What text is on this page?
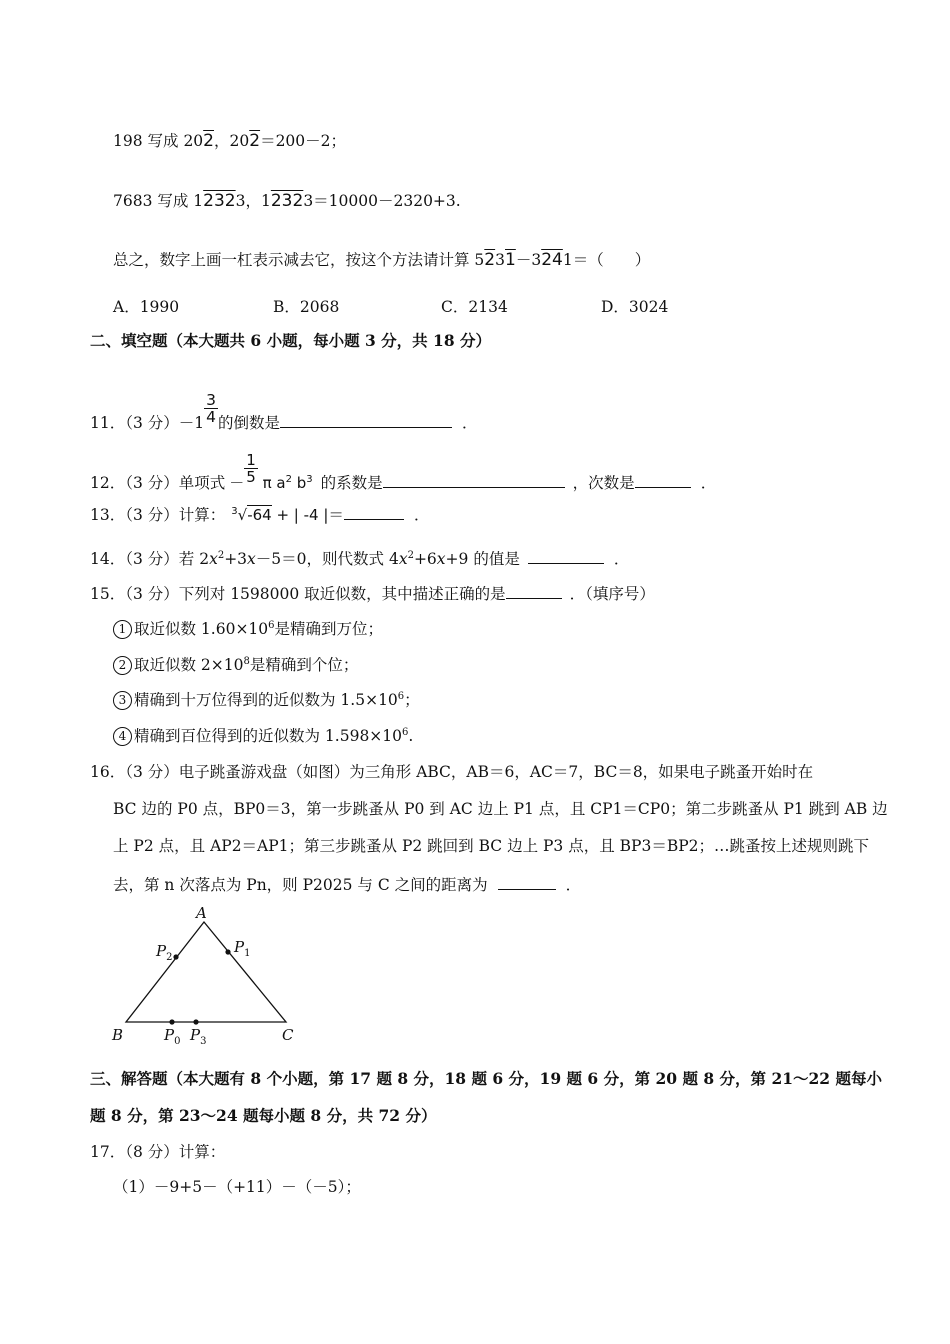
198 写成 202，202＝200－2；
7683 写成 12323，12323＝10000－2320+3.
总之，数字上画一杠表示减去它，按这个方法请计算 5231－3241＝（　　）
A．1990	B．2068	C．2134	D．3024
二、填空题（本大题共 6 小题，每小题 3 分，共 18 分）
11．（3 分）$-1 \frac{3}{4}$ 的倒数是	．
12．（3 分）单项式 － $\frac{1}{5}$ π $a^2$ $b^3$ 的系数是	，次数是	．
13．（3 分）计算： $^3$√-64 + | -4 |＝	．
14．（3 分）若 $2x^2+3x-5=0$，则代数式 $4x^2+6x+9$ 的值是	．
15．（3 分）下列对 1598000 取近似数，其中描述正确的是	．（填序号）
1 取近似数 $1.60\times 10^6$是精确到万位；
2 取近似数 $2\times 10^8$是精确到个位；
3 精确到十万位得到的近似数为 $1.5\times 10^6$；
4 精确到百位得到的近似数为 $1.598\times 10^6$.
16．（3 分）电子跳蚤游戏盘（如图）为三角形 ABC，AB＝6，AC＝7，BC＝8，如果电子跳蚤开始时在
BC 边的 P0 点，BP0＝3，第一步跳蚤从 P0 到 AC 边上 P1 点，且 CP1＝CP0；第二步跳蚤从 P1 跳到 AB 边
上 P2 点，且 AP2＝AP1；第三步跳蚤从 P2 跳回到 BC 边上 P3 点，且 BP3＝BP2；…跳蚤按上述规则跳下
去，第 n 次落点为 Pn，则 P2025 与 C 之间的距离为	．
A
B	C
$P_2$
$P_1$
$P_0$ $P_3$
三、解答题（本大题有 8 个小题，第 17 题 8 分，18 题 6 分，19 题 6 分，第 20 题 8 分，第 21～22 题每小
题 8 分，第 23～24 题每小题 8 分，共 72 分）
17．（8 分）计算：
（1）－9+5－（+11）－（－5）；
